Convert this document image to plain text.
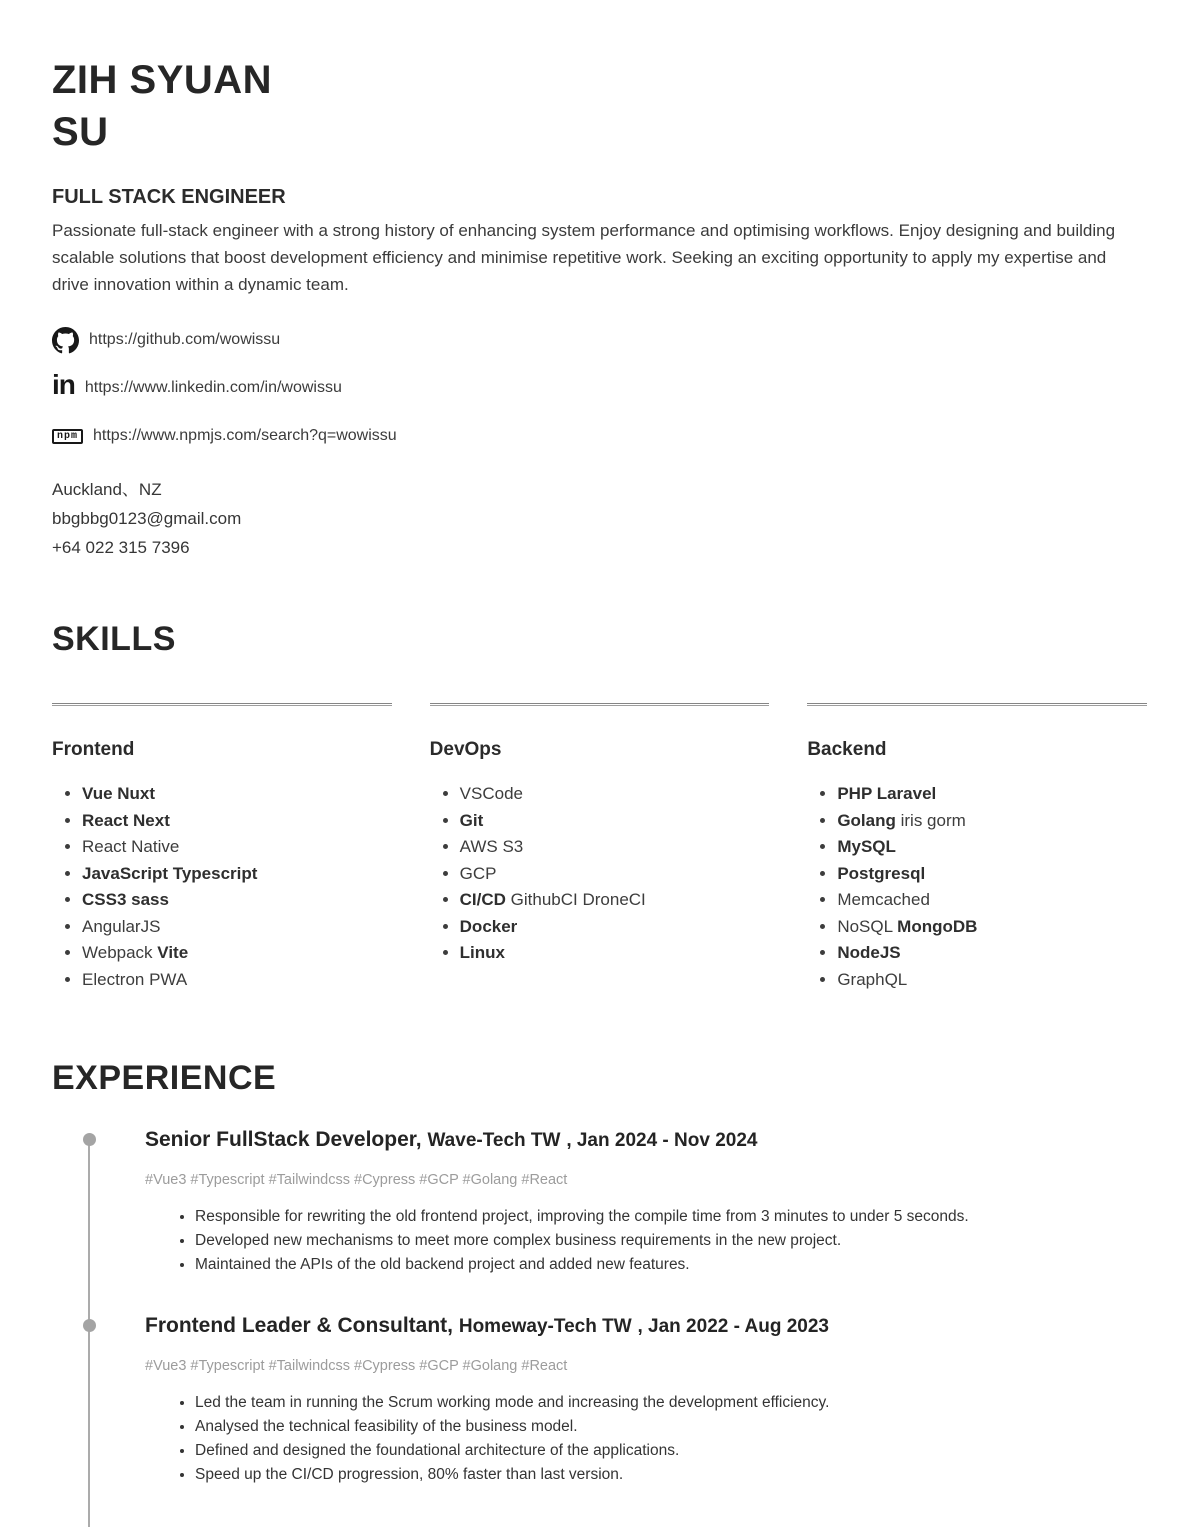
ZIH SYUAN
SU
FULL STACK ENGINEER

Passionate full-stack engineer with a strong history of enhancing system performance and optimising workflows. Enjoy designing and building scalable solutions that boost development efficiency and minimise repetitive work. Seeking an exciting opportunity to apply my expertise and drive innovation within a dynamic team.

https://github.com/wowissu
in https://www.linkedin.com/in/wowissu
npm https://www.npmjs.com/search?q=wowissu
Auckland、NZ
bbgbbg0123@gmail.com
+64 022 315 7396
SKILLS
Frontend
• Vue Nuxt
• React Next
• React Native
• JavaScript Typescript
• CSS3 sass
• AngularJS
• Webpack Vite
• Electron PWA
DevOps
• VSCode
• Git
• AWS S3
• GCP
• CI/CD GithubCI DroneCI
• Docker
• Linux
Backend
• PHP Laravel
• Golang iris gorm
• MySQL
• Postgresql
• Memcached
• NoSQL MongoDB
• NodeJS
• GraphQL
EXPERIENCE
Senior FullStack Developer, Wave-Tech TW , Jan 2024 - Nov 2024
#Vue3 #Typescript #Tailwindcss #Cypress #GCP #Golang #React
• Responsible for rewriting the old frontend project, improving the compile time from 3 minutes to under 5 seconds.
• Developed new mechanisms to meet more complex business requirements in the new project.
• Maintained the APIs of the old backend project and added new features.
Frontend Leader & Consultant, Homeway-Tech TW , Jan 2022 - Aug 2023
#Vue3 #Typescript #Tailwindcss #Cypress #GCP #Golang #React
• Led the team in running the Scrum working mode and increasing the development efficiency.
• Analysed the technical feasibility of the business model.
• Defined and designed the foundational architecture of the applications.
• Speed up the CI/CD progression, 80% faster than last version.
